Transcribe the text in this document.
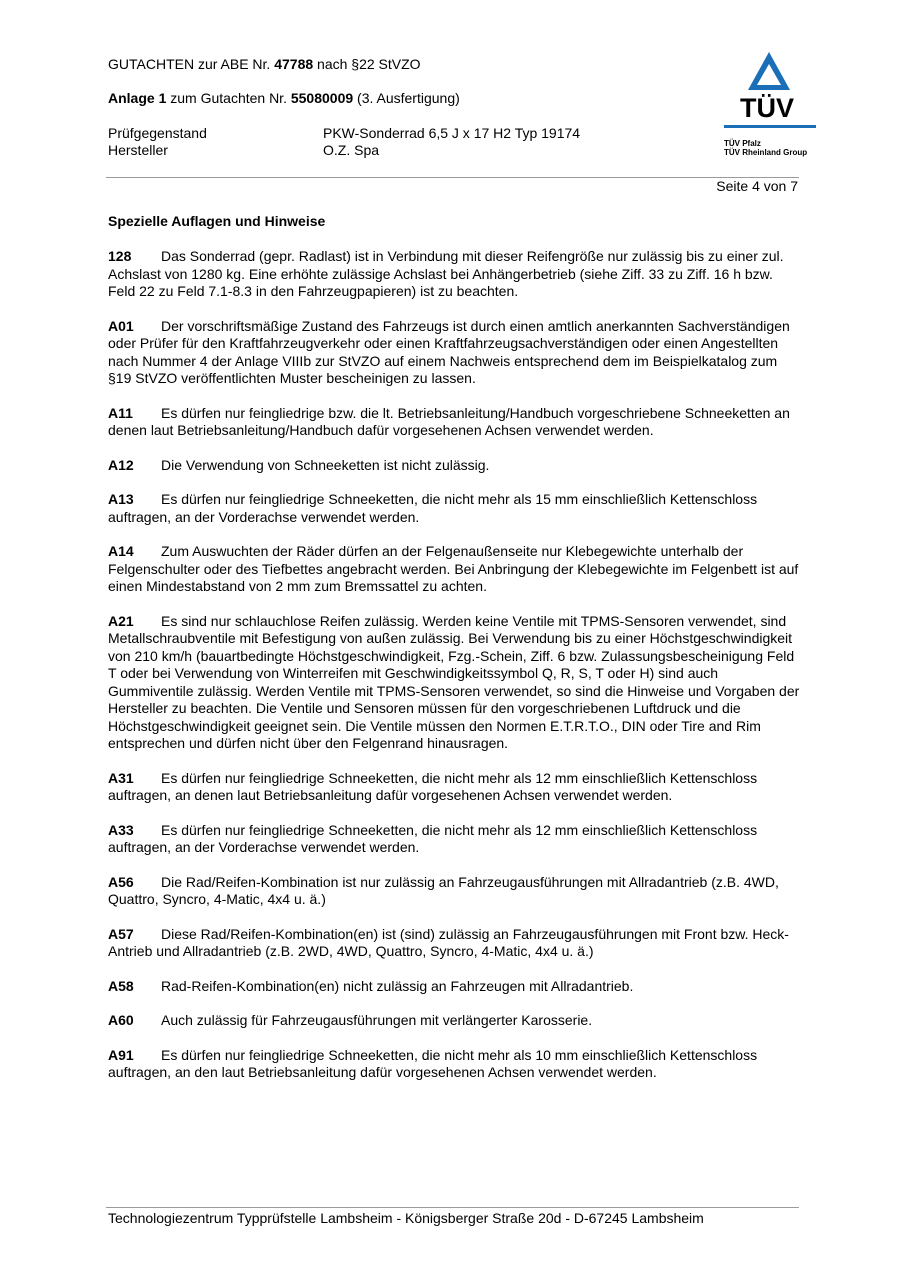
GUTACHTEN zur ABE Nr. 47788 nach §22 StVZO
Anlage 1 zum Gutachten Nr. 55080009 (3. Ausfertigung)
Prüfgegenstand	PKW-Sonderrad 6,5 J x 17 H2 Typ 19174
Hersteller	O.Z. Spa
TÜV
TÜV Pfalz
TÜV Rheinland Group
Seite 4 von 7
Spezielle Auflagen und Hinweise

128 Das Sonderrad (gepr. Radlast) ist in Verbindung mit dieser Reifengröße nur zulässig bis zu einer zul. Achslast von 1280 kg. Eine erhöhte zulässige Achslast bei Anhängerbetrieb (siehe Ziff. 33 zu Ziff. 16 h bzw. Feld 22 zu Feld 7.1-8.3 in den Fahrzeugpapieren) ist zu beachten.

A01 Der vorschriftsmäßige Zustand des Fahrzeugs ist durch einen amtlich anerkannten Sachverständigen oder Prüfer für den Kraftfahrzeugverkehr oder einen Kraftfahrzeugsachverständigen oder einen Angestellten nach Nummer 4 der Anlage VIIIb zur StVZO auf einem Nachweis entsprechend dem im Beispielkatalog zum §19 StVZO veröffentlichten Muster bescheinigen zu lassen.

A11 Es dürfen nur feingliedrige bzw. die lt. Betriebsanleitung/Handbuch vorgeschriebene Schneeketten an denen laut Betriebsanleitung/Handbuch dafür vorgesehenen Achsen verwendet werden.

A12 Die Verwendung von Schneeketten ist nicht zulässig.

A13 Es dürfen nur feingliedrige Schneeketten, die nicht mehr als 15 mm einschließlich Kettenschloss auftragen, an der Vorderachse verwendet werden.

A14 Zum Auswuchten der Räder dürfen an der Felgenaußenseite nur Klebegewichte unterhalb der Felgenschulter oder des Tiefbettes angebracht werden. Bei Anbringung der Klebegewichte im Felgenbett ist auf einen Mindestabstand von 2 mm zum Bremssattel zu achten.

A21 Es sind nur schlauchlose Reifen zulässig. Werden keine Ventile mit TPMS-Sensoren verwendet, sind Metallschraubventile mit Befestigung von außen zulässig. Bei Verwendung bis zu einer Höchstgeschwindigkeit von 210 km/h (bauartbedingte Höchstgeschwindigkeit, Fzg.-Schein, Ziff. 6 bzw. Zulassungsbescheinigung Feld T oder bei Verwendung von Winterreifen mit Geschwindigkeitssymbol Q, R, S, T oder H) sind auch Gummiventile zulässig. Werden Ventile mit TPMS-Sensoren verwendet, so sind die Hinweise und Vorgaben der Hersteller zu beachten. Die Ventile und Sensoren müssen für den vorgeschriebenen Luftdruck und die Höchstgeschwindigkeit geeignet sein. Die Ventile müssen den Normen E.T.R.T.O., DIN oder Tire and Rim entsprechen und dürfen nicht über den Felgenrand hinausragen.

A31 Es dürfen nur feingliedrige Schneeketten, die nicht mehr als 12 mm einschließlich Kettenschloss auftragen, an denen laut Betriebsanleitung dafür vorgesehenen Achsen verwendet werden.

A33 Es dürfen nur feingliedrige Schneeketten, die nicht mehr als 12 mm einschließlich Kettenschloss auftragen, an der Vorderachse verwendet werden.

A56 Die Rad/Reifen-Kombination ist nur zulässig an Fahrzeugausführungen mit Allradantrieb (z.B. 4WD, Quattro, Syncro, 4-Matic, 4x4 u. ä.)

A57 Diese Rad/Reifen-Kombination(en) ist (sind) zulässig an Fahrzeugausführungen mit Front bzw. Heck-Antrieb und Allradantrieb (z.B. 2WD, 4WD, Quattro, Syncro, 4-Matic, 4x4 u. ä.)

A58 Rad-Reifen-Kombination(en) nicht zulässig an Fahrzeugen mit Allradantrieb.

A60 Auch zulässig für Fahrzeugausführungen mit verlängerter Karosserie.

A91 Es dürfen nur feingliedrige Schneeketten, die nicht mehr als 10 mm einschließlich Kettenschloss auftragen, an den laut Betriebsanleitung dafür vorgesehenen Achsen verwendet werden.

Technologiezentrum Typprüfstelle Lambsheim - Königsberger Straße 20d - D-67245 Lambsheim
